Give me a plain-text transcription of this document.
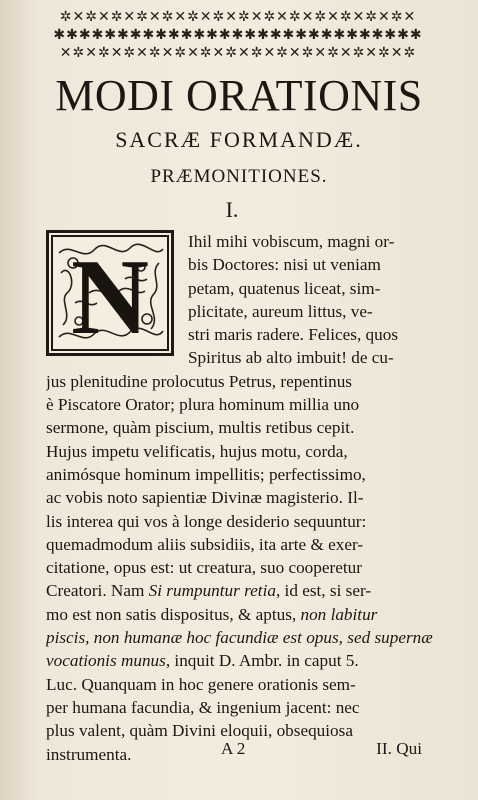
✲✕✲✕✲✕✲✕✲✕✲✕✲✕✲✕✲✕✲✕✲✕✲✕✲✕✲✕
✱✱✱✱✱✱✱✱✱✱✱✱✱✱✱✱✱✱✱✱✱✱✱✱✱✱✱✱✱
✕✲✕✲✕✲✕✲✕✲✕✲✕✲✕✲✕✲✕✲✕✲✕✲✕✲✕✲
MODI ORATIONIS
SACRÆ FORMANDÆ.
PRÆMONITIONES.
I.
N Ihil mihi vobiscum, magni or-
bis Doctores: nisi ut veniam
petam, quatenus liceat, sim-
plicitate, aureum littus, ve-
stri maris radere. Felices, quos
Spiritus ab alto imbuit! de cu-
jus plenitudine prolocutus Petrus, repentinus
è Piscatore Orator; plura hominum millia uno
sermone, quàm piscium, multis retibus cepit.
Hujus impetu velificatis, hujus motu, corda,
animósque hominum impellitis; perfectissimo,
ac vobis noto sapientiæ Divinæ magisterio. Il-
lis interea qui vos à longe desiderio sequuntur:
quemadmodum aliis subsidiis, ita arte & exer-
citatione, opus est: ut creatura, suo cooperetur
Creatori. Nam Si rumpuntur retia, id est, si ser-
mo est non satis dispositus, & aptus, non labitur
piscis, non humanæ hoc facundiæ est opus, sed supernæ
vocationis munus, inquit D. Ambr. in caput 5.
Luc. Quanquam in hoc genere orationis sem-
per humana facundia, & ingenium jacent: nec
plus valent, quàm Divini eloquii, obsequiosa
instrumenta.	A 2	II. Qui
